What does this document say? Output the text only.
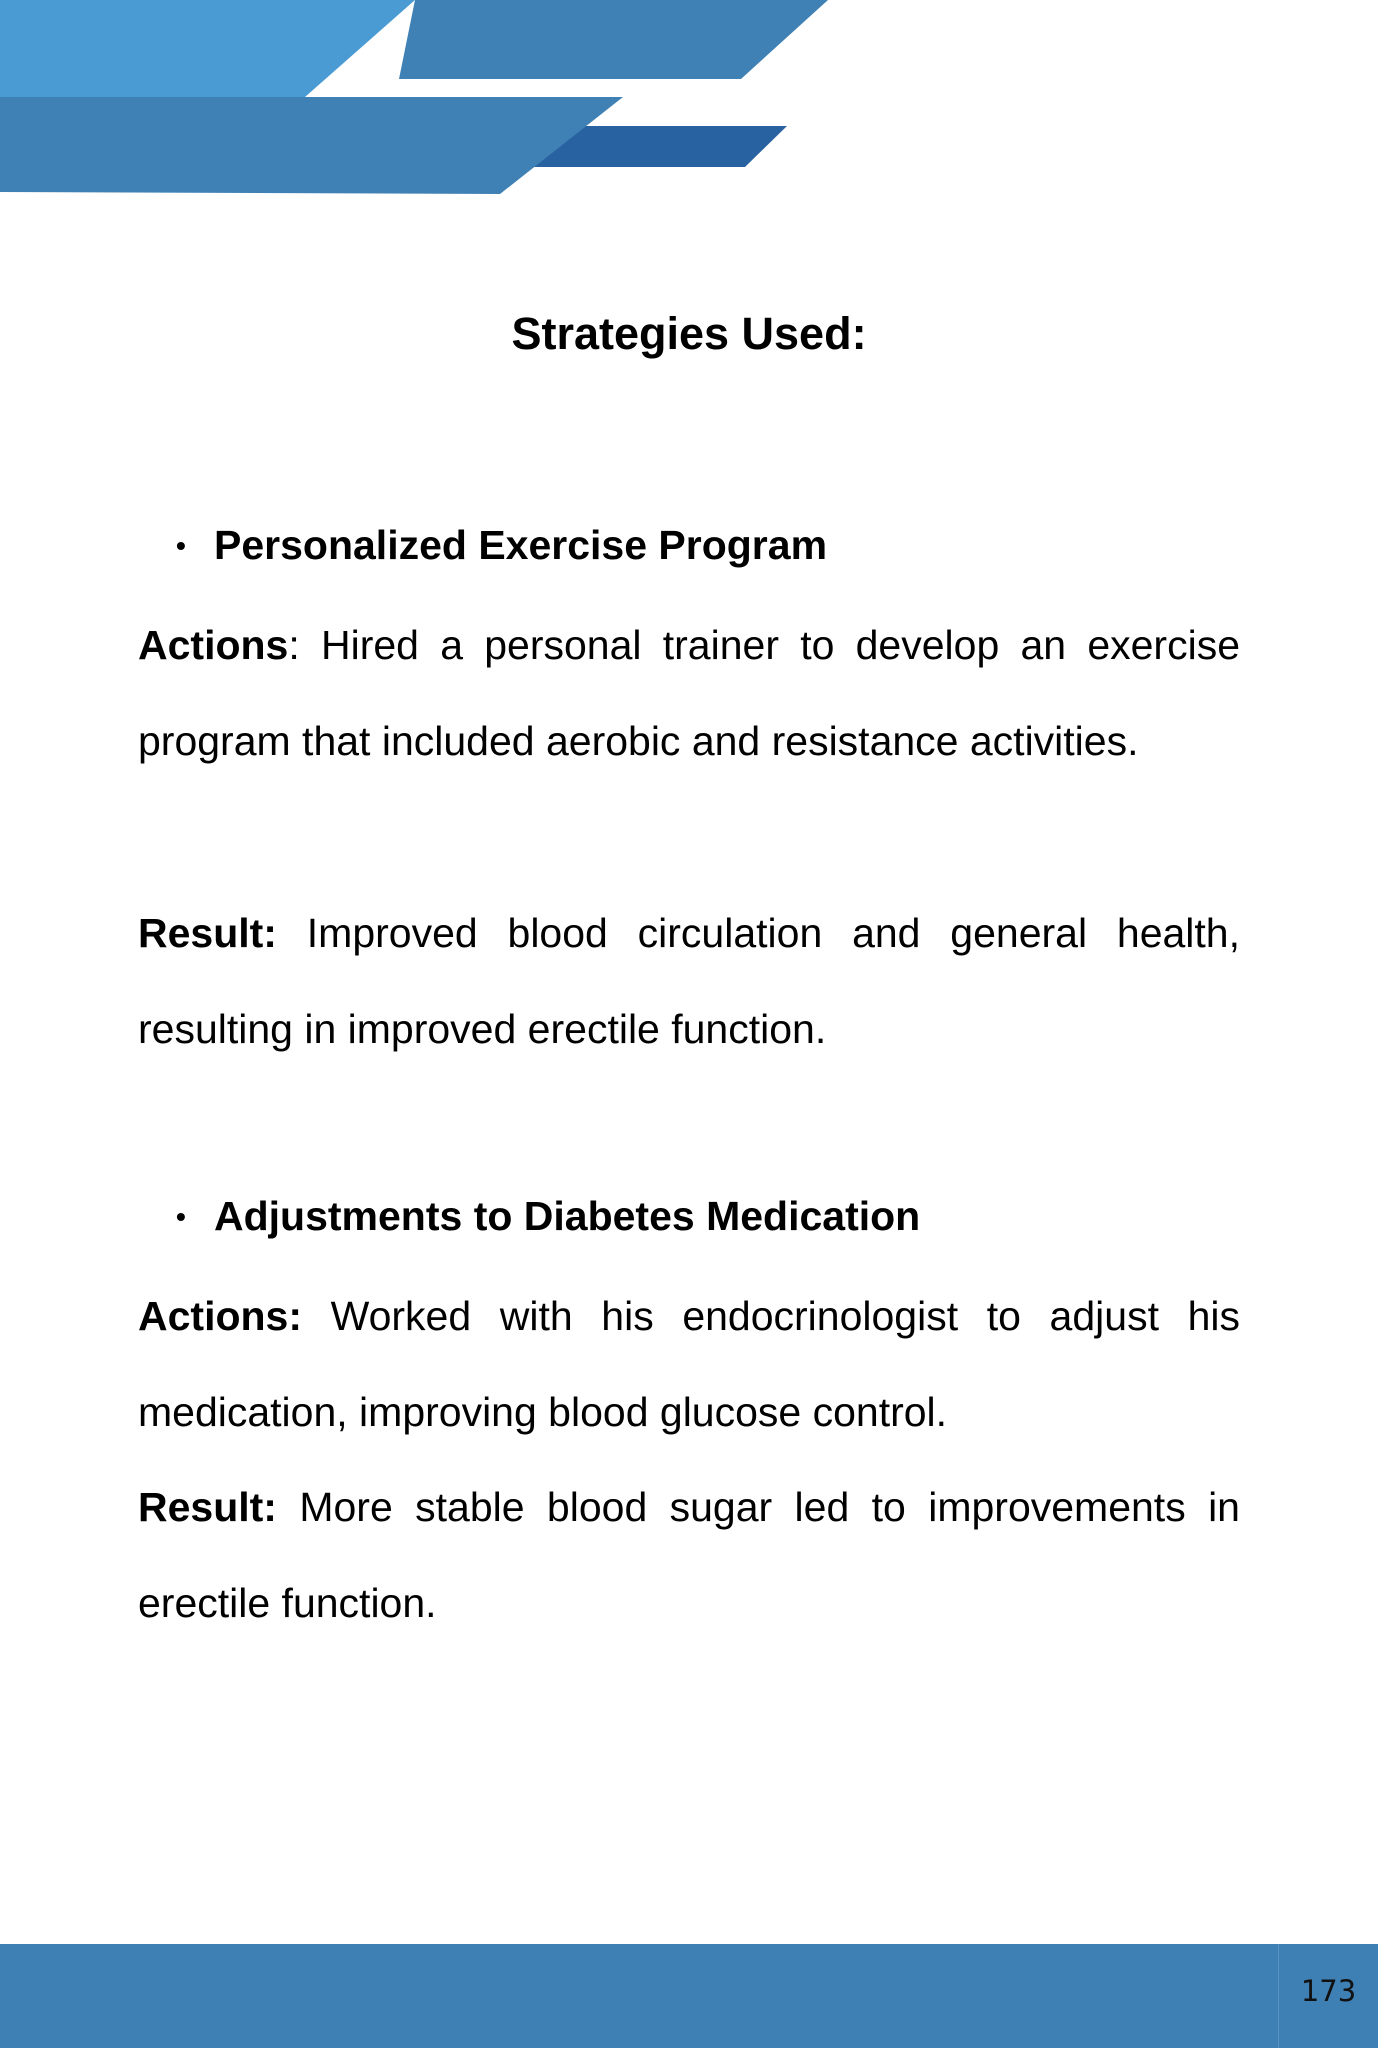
Strategies Used:
• Personalized Exercise Program

Actions: Hired a personal trainer to develop an exercise program that included aerobic and resistance activities.

Result: Improved blood circulation and general health, resulting in improved erectile function.

• Adjustments to Diabetes Medication

Actions: Worked with his endocrinologist to adjust his medication, improving blood glucose control.

Result: More stable blood sugar led to improvements in erectile function.

173
